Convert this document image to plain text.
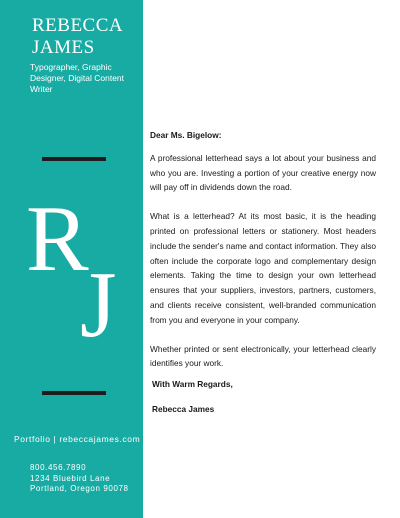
REBECCA
JAMES
Typographer, Graphic Designer, Digital Content Writer
R
J
Portfolio | rebeccajames.com
800.456.7890
1234 Bluebird Lane
Portland, Oregon 90078
Dear Ms. Bigelow:

A professional letterhead says a lot about your business and who you are. Investing a portion of your creative energy now will pay off in dividends down the road.

What is a letterhead? At its most basic, it is the heading printed on professional letters or stationery. Most headers include the sender's name and contact information. They also often include the corporate logo and complementary design elements. Taking the time to design your own letterhead ensures that your suppliers, investors, partners, customers, and clients receive consistent, well-branded communication from you and everyone in your company.

Whether printed or sent electronically, your letterhead clearly identifies your work.

With Warm Regards,
Rebecca James
